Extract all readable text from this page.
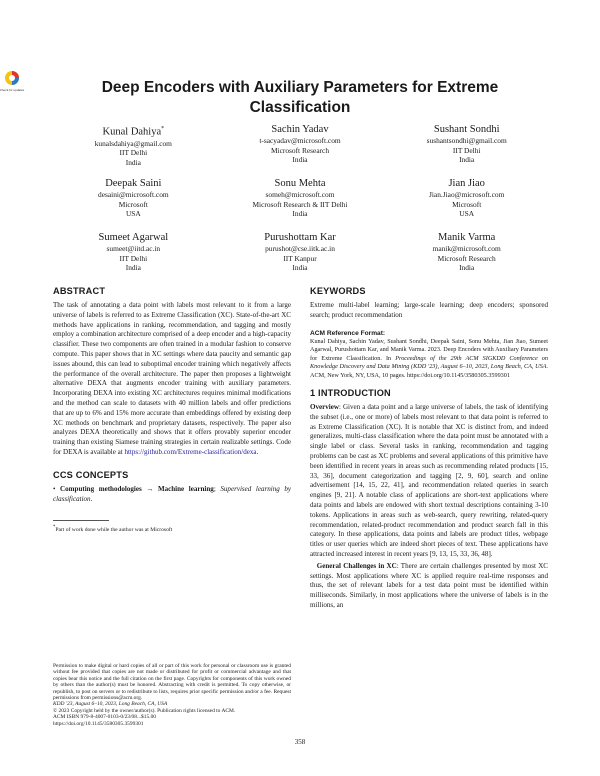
Check for updates	Deep Encoders with Auxiliary Parameters for Extreme Classification
Kunal Dahiya*
kunalsdahiya@gmail.com
IIT Delhi
India
Sachin Yadav
t-sacyadav@microsoft.com
Microsoft Research
India
Sushant Sondhi
sushantsondhi@gmail.com
IIT Delhi
India
Deepak Saini
desaini@microsoft.com
Microsoft
USA
Sonu Mehta
someh@microsoft.com
Microsoft Research & IIT Delhi
India
Jian Jiao
Jian.Jiao@microsoft.com
Microsoft
USA
Sumeet Agarwal
sumeet@iitd.ac.in
IIT Delhi
India
Purushottam Kar
purushot@cse.iitk.ac.in
IIT Kanpur
India
Manik Varma
manik@microsoft.com
Microsoft Research
India
ABSTRACT

The task of annotating a data point with labels most relevant to it from a large universe of labels is referred to as Extreme Classification (XC). State-of-the-art XC methods have applications in ranking, recommendation, and tagging and mostly employ a combination architecture comprised of a deep encoder and a high-capacity classifier. These two components are often trained in a modular fashion to conserve compute. This paper shows that in XC settings where data paucity and semantic gap issues abound, this can lead to suboptimal encoder training which negatively affects the performance of the overall architecture. The paper then proposes a lightweight alternative DEXA that augments encoder training with auxiliary parameters. Incorporating DEXA into existing XC architectures requires minimal modifications and the method can scale to datasets with 40 million labels and offer predictions that are up to 6% and 15% more accurate than embeddings offered by existing deep XC methods on benchmark and proprietary datasets, respectively. The paper also analyzes DEXA theoretically and shows that it offers provably superior encoder training than existing Siamese training strategies in certain realizable settings. Code for DEXA is available at https://github.com/Extreme-classification/dexa.

CCS CONCEPTS

• Computing methodologies → Machine learning; Supervised learning by classification.

*Part of work done while the author was at Microsoft

Permission to make digital or hard copies of all or part of this work for personal or classroom use is granted without fee provided that copies are not made or distributed for profit or commercial advantage and that copies bear this notice and the full citation on the first page. Copyrights for components of this work owned by others than the author(s) must be honored. Abstracting with credit is permitted. To copy otherwise, or republish, to post on servers or to redistribute to lists, requires prior specific permission and/or a fee. Request permissions from permissions@acm.org.

KDD '23, August 6–10, 2023, Long Beach, CA, USA

© 2023 Copyright held by the owner/author(s). Publication rights licensed to ACM.

ACM ISBN 979-8-4007-0103-0/23/08...$15.00

https://doi.org/10.1145/3580305.3599301

KEYWORDS

Extreme multi-label learning; large-scale learning; deep encoders; sponsored search; product recommendation

ACM Reference Format:

Kunal Dahiya, Sachin Yadav, Sushant Sondhi, Deepak Saini, Sonu Mehta, Jian Jiao, Sumeet Agarwal, Purushottam Kar, and Manik Varma. 2023. Deep Encoders with Auxiliary Parameters for Extreme Classification. In Proceedings of the 29th ACM SIGKDD Conference on Knowledge Discovery and Data Mining (KDD '23), August 6–10, 2023, Long Beach, CA, USA. ACM, New York, NY, USA, 10 pages. https://doi.org/10.1145/3580305.3599301

1 INTRODUCTION

Overview: Given a data point and a large universe of labels, the task of identifying the subset (i.e., one or more) of labels most relevant to that data point is referred to as Extreme Classification (XC). It is notable that XC is distinct from, and indeed generalizes, multi-class classification where the data point must be annotated with a single label or class. Several tasks in ranking, recommendation and tagging problems can be cast as XC problems and several applications of this primitive have been identified in recent years in areas such as recommending related products [15, 33, 36], document categorization and tagging [2, 9, 60], search and online advertisement [14, 15, 22, 41], and recommendation related queries in search engines [9, 21]. A notable class of applications are short-text applications where data points and labels are endowed with short textual descriptions containing 3-10 tokens. Applications in areas such as web-search, query rewriting, related-query recommendation, related-product recommendation and product search fall in this category. In these applications, data points and labels are product titles, webpage titles or user queries which are indeed short pieces of text. These applications have attracted increased interest in recent years [9, 13, 15, 33, 36, 48].

General Challenges in XC: There are certain challenges presented by most XC settings. Most applications where XC is applied require real-time responses and thus, the set of relevant labels for a test data point must be identified within milliseconds. Similarly, in most applications where the universe of labels is in the millions, an

358
